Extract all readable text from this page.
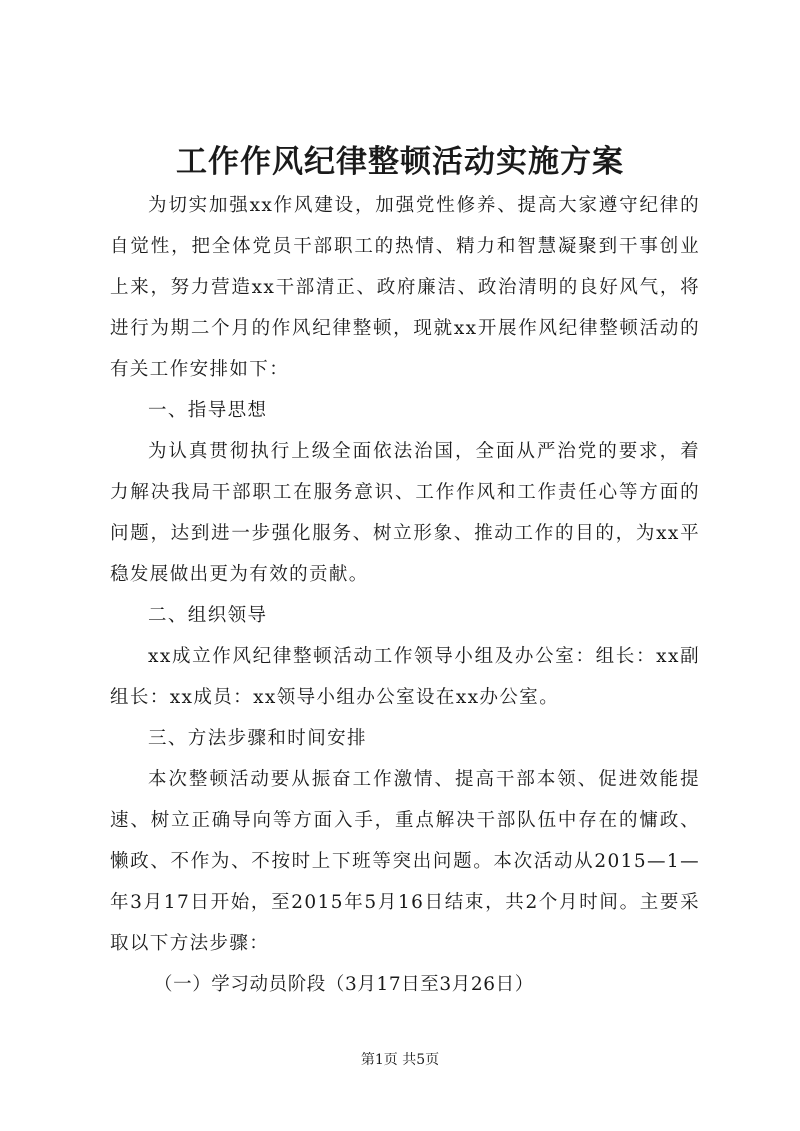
工作作风纪律整顿活动实施方案

为切实加强xx作风建设，加强党性修养、提高大家遵守纪律的自觉性，把全体党员干部职工的热情、精力和智慧凝聚到干事创业上来，努力营造xx干部清正、政府廉洁、政治清明的良好风气，将进行为期二个月的作风纪律整顿，现就xx开展作风纪律整顿活动的有关工作安排如下：

一、指导思想

为认真贯彻执行上级全面依法治国，全面从严治党的要求，着力解决我局干部职工在服务意识、工作作风和工作责任心等方面的问题，达到进一步强化服务、树立形象、推动工作的目的，为xx平稳发展做出更为有效的贡献。

二、组织领导

xx成立作风纪律整顿活动工作领导小组及办公室：组长：xx副组长：xx成员：xx领导小组办公室设在xx办公室。

三、方法步骤和时间安排

本次整顿活动要从振奋工作激情、提高干部本领、促进效能提速、树立正确导向等方面入手，重点解决干部队伍中存在的慵政、懒政、不作为、不按时上下班等突出问题。本次活动从2015—1—年3月17日开始，至2015年5月16日结束，共2个月时间。主要采取以下方法步骤：

（一）学习动员阶段（3月17日至3月26日）

第1页 共5页
